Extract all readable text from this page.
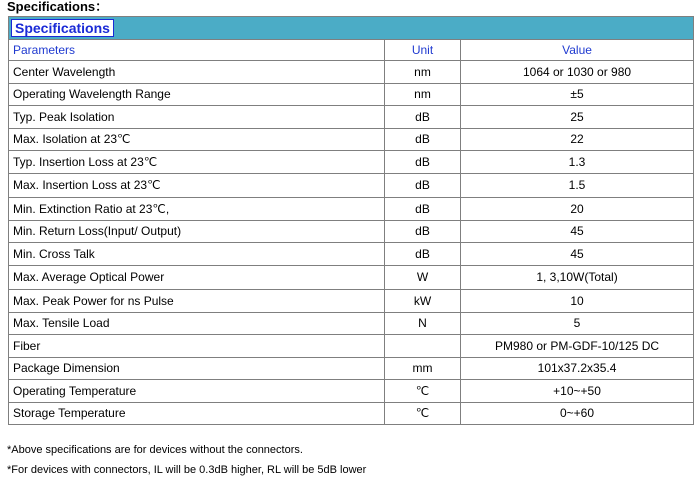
Specifications：
Specifications		
Parameters	Unit	Value
Center Wavelength	nm	1064 or 1030 or 980
Operating Wavelength Range	nm	±5
Typ. Peak Isolation	dB	25
Max. Isolation at 23℃	dB	22
Typ. Insertion Loss at 23℃	dB	1.3
Max. Insertion Loss at 23℃	dB	1.5
Min. Extinction Ratio at 23℃,	dB	20
Min. Return Loss(Input/ Output)	dB	45
Min. Cross Talk	dB	45
Max. Average Optical Power	W	1, 3,10W(Total)
Max. Peak Power for ns Pulse	kW	10
Max. Tensile Load	N	5
Fiber		PM980 or PM-GDF-10/125 DC
Package Dimension	mm	101x37.2x35.4
Operating Temperature	℃	+10~+50
Storage Temperature	℃	0~+60
*Above specifications are for devices without the connectors.
*For devices with connectors, IL will be 0.3dB higher, RL will be 5dB lower
